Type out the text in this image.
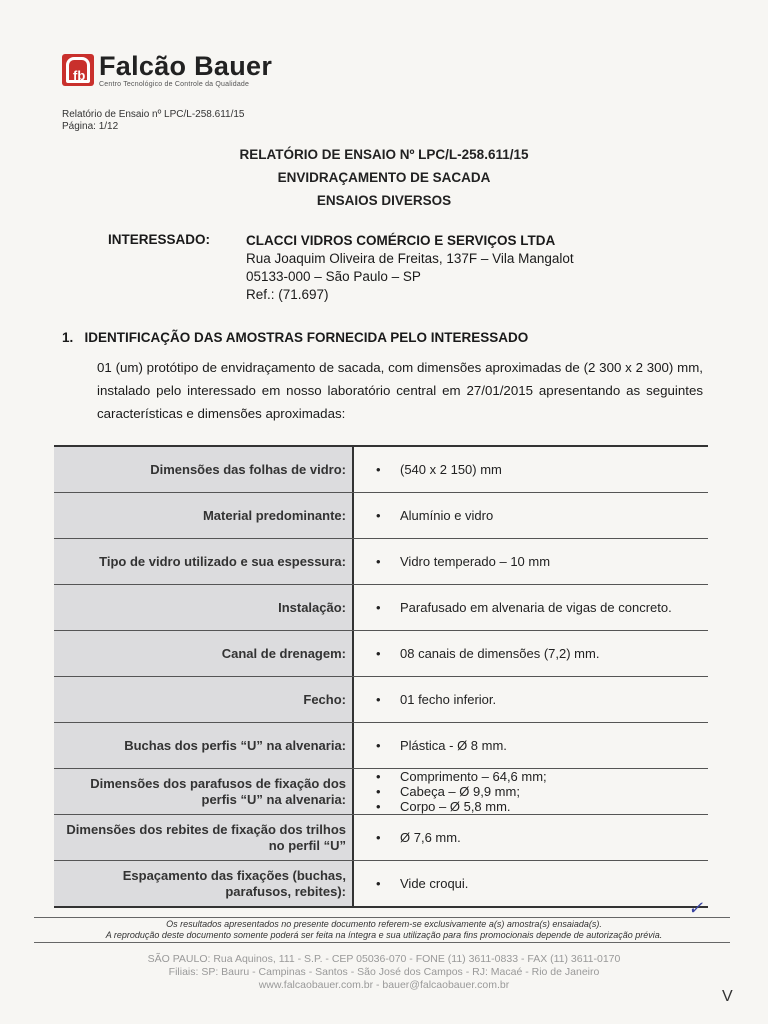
fb Falcão Bauer
Centro Tecnológico de Controle da Qualidade
Relatório de Ensaio nº LPC/L-258.611/15
Página: 1/12
RELATÓRIO DE ENSAIO Nº LPC/L-258.611/15
ENVIDRAÇAMENTO DE SACADA
ENSAIOS DIVERSOS
INTERESSADO:	CLACCI VIDROS COMÉRCIO E SERVIÇOS LTDA
Rua Joaquim Oliveira de Freitas, 137F – Vila Mangalot
05133-000 – São Paulo – SP
Ref.: (71.697)
1.   IDENTIFICAÇÃO DAS AMOSTRAS FORNECIDA PELO INTERESSADO
01 (um) protótipo de envidraçamento de sacada, com dimensões aproximadas de (2 300 x 2 300) mm, instalado pelo interessado em nosso laboratório central em 27/01/2015 apresentando as seguintes características e dimensões aproximadas:
Dimensões das folhas de vidro:	•	(540 x 2 150) mm
Material predominante:	•	Alumínio e vidro
Tipo de vidro utilizado e sua espessura:	•	Vidro temperado – 10 mm
Instalação:	•	Parafusado em alvenaria de vigas de concreto.
Canal de drenagem:	•	08 canais de dimensões (7,2) mm.
Fecho:	•	01 fecho inferior.
Buchas dos perfis “U” na alvenaria:	•	Plástica - Ø 8 mm.
Dimensões dos parafusos de fixação dos perfis “U” na alvenaria:
•	Comprimento – 64,6 mm;
•	Cabeça – Ø 9,9 mm;
•	Corpo – Ø 5,8 mm.
Dimensões dos rebites de fixação dos trilhos no perfil “U”	•	Ø 7,6 mm.
Espaçamento das fixações (buchas, parafusos, rebites):	•	Vide croqui.
Os resultados apresentados no presente documento referem-se exclusivamente a(s) amostra(s) ensaiada(s).
A reprodução deste documento somente poderá ser feita na íntegra e sua utilização para fins promocionais depende de autorização prévia.
SÃO PAULO: Rua Aquinos, 111 - S.P. - CEP 05036-070 - FONE (11) 3611-0833 - FAX (11) 3611-0170
Filiais: SP: Bauru - Campinas - Santos - São José dos Campos - RJ: Macaé - Rio de Janeiro
www.falcaobauer.com.br - bauer@falcaobauer.com.br
✓
V
